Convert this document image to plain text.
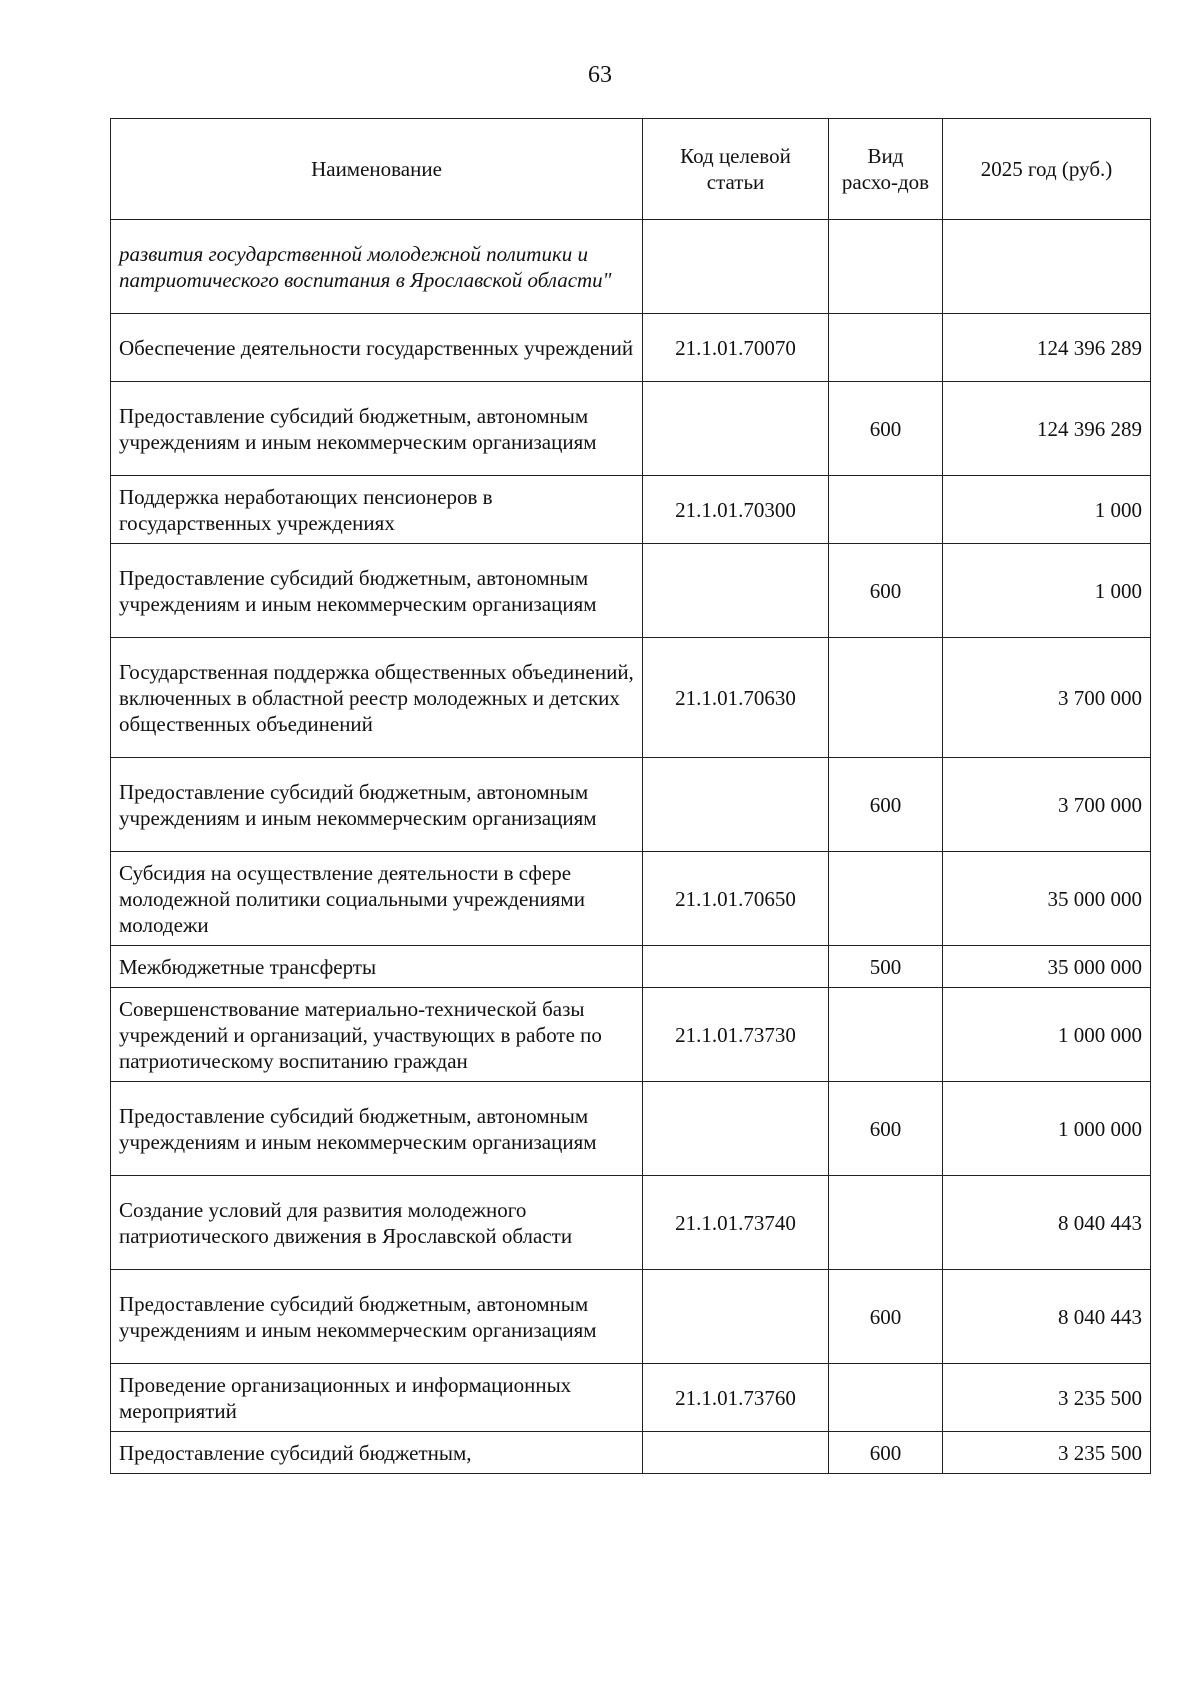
63
Наименование	Код целевой статьи	Вид расхо-дов	2025 год (руб.)
развития государственной молодежной политики и патриотического воспитания в Ярославской области"			
Обеспечение деятельности государственных учреждений	21.1.01.70070		124 396 289
Предоставление субсидий бюджетным, автономным учреждениям и иным некоммерческим организациям		600	124 396 289
Поддержка неработающих пенсионеров в государственных учреждениях	21.1.01.70300		1 000
Предоставление субсидий бюджетным, автономным учреждениям и иным некоммерческим организациям		600	1 000
Государственная поддержка общественных объединений, включенных в областной реестр молодежных и детских общественных объединений	21.1.01.70630		3 700 000
Предоставление субсидий бюджетным, автономным учреждениям и иным некоммерческим организациям		600	3 700 000
Субсидия на осуществление деятельности в сфере молодежной политики социальными учреждениями молодежи	21.1.01.70650		35 000 000
Межбюджетные трансферты		500	35 000 000
Совершенствование материально-технической базы учреждений и организаций, участвующих в работе по патриотическому воспитанию граждан	21.1.01.73730		1 000 000
Предоставление субсидий бюджетным, автономным учреждениям и иным некоммерческим организациям		600	1 000 000
Создание условий для развития молодежного патриотического движения в Ярославской области	21.1.01.73740		8 040 443
Предоставление субсидий бюджетным, автономным учреждениям и иным некоммерческим организациям		600	8 040 443
Проведение организационных и информационных мероприятий	21.1.01.73760		3 235 500
Предоставление субсидий бюджетным,		600	3 235 500
